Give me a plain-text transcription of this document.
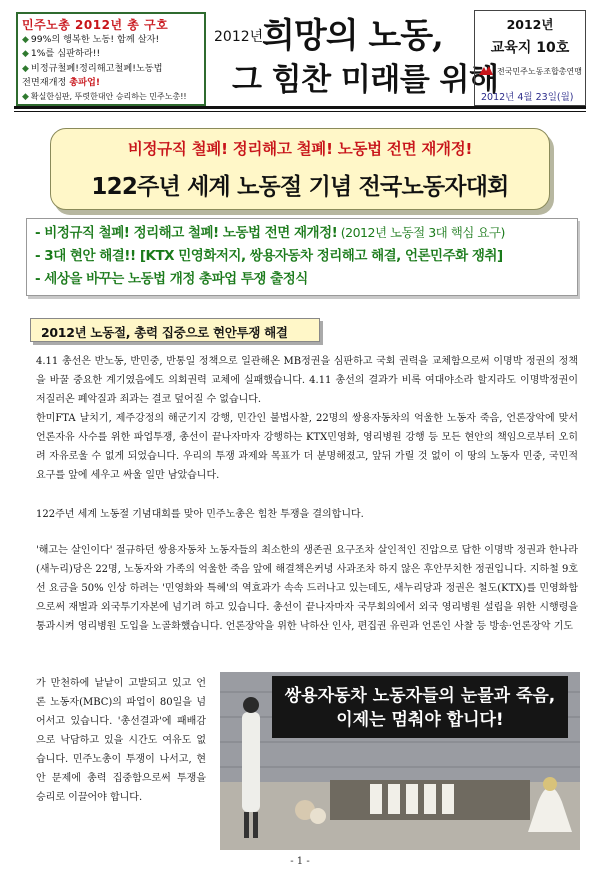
민주노총 2012년 총 구호
◆ 99%의 행복한 노동! 함께 살자!
◆ 1%를 심판하라!!
◆ 비정규철폐!정리해고철폐!노동법
전면재개정 총파업!
◆ 확실한심판, 뚜렷한대안 승리하는 민주노총!!
2012년
희망의 노동,
그 힘찬 미래를 위해
2012년
교육지 10호
전국민주노동조합총연맹
2012년 4월 23일(월)
비정규직 철폐! 정리해고 철폐! 노동법 전면 재개정!
122주년 세계 노동절 기념 전국노동자대회
- 비정규직 철폐! 정리해고 철폐! 노동법 전면 재개정! (2012년 노동절 3대 핵심 요구)
- 3대 현안 해결!! [KTX 민영화저지, 쌍용자동차 정리해고 해결, 언론민주화 쟁취]
- 세상을 바꾸는 노동법 개정 총파업 투쟁 출정식
2012년 노동절, 총력 집중으로 현안투쟁 해결
4.11 총선은 반노동, 반민중, 반통일 정책으로 일관해온 MB정권을 심판하고 국회 권력을 교체함으로써 이명박 정권의 정책을 바꿀 중요한 계기였음에도 의회권력 교체에 실패했습니다. 4.11 총선의 결과가 비록 여대야소라 할지라도 이명박정권이 저질러온 폐악질과 죄과는 결코 덮어질 수 없습니다.
한미FTA 날치기, 제주강정의 해군기지 강행, 민간인 불법사찰, 22명의 쌍용자동차의 억울한 노동자 죽음, 언론장악에 맞서 언론자유 사수를 위한 파업투쟁, 총선이 끝나자마자 강행하는 KTX민영화, 영리병원 강행 등 모든 현안의 책임으로부터 오히려 자유로울 수 없게 되었습니다. 우리의 투쟁 과제와 목표가 더 분명해졌고, 앞뒤 가릴 것 없이 이 땅의 노동자 민중, 국민적 요구를 앞에 세우고 싸울 일만 남았습니다.
122주년 세계 노동절 기념대회를 맞아 민주노총은 힘찬 투쟁을 결의합니다.
'해고는 살인이다' 절규하던 쌍용자동차 노동자들의 최소한의 생존권 요구조차 살인적인 진압으로 답한 이명박 정권과 한나라(새누리)당은 22명, 노동자와 가족의 억울한 죽음 앞에 해결책은커녕 사과조차 하지 않은 후안무치한 정권입니다. 지하철 9호선 요금을 50% 인상 하려는 '민영화와 특혜'의 역효과가 속속 드러나고 있는데도, 새누리당과 정권은 철도(KTX)를 민영화함으로써 재벌과 외국투기자본에 넘기려 하고 있습니다. 총선이 끝나자마자 국무회의에서 외국 영리병원 설립을 위한 시행령을 통과시켜 영리병원 도입을 노골화했습니다. 언론장악을 위한 낙하산 인사, 편집권 유린과 언론인 사찰 등 방송·언론장악 기도
가 만천하에 낱낱이 고발되고 있고 언론 노동자(MBC)의 파업이 80일을 넘어서고 있습니다. '총선결과'에 패배감으로 낙담하고 있을 시간도 여유도 없습니다. 민주노총이 투쟁이 나서고, 현안 문제에 총력 집중함으로써 투쟁을 승리로 이끌어야 합니다.
쌍용자동차 노동자들의 눈물과 죽음,
이제는 멈춰야 합니다!
- 1 -
